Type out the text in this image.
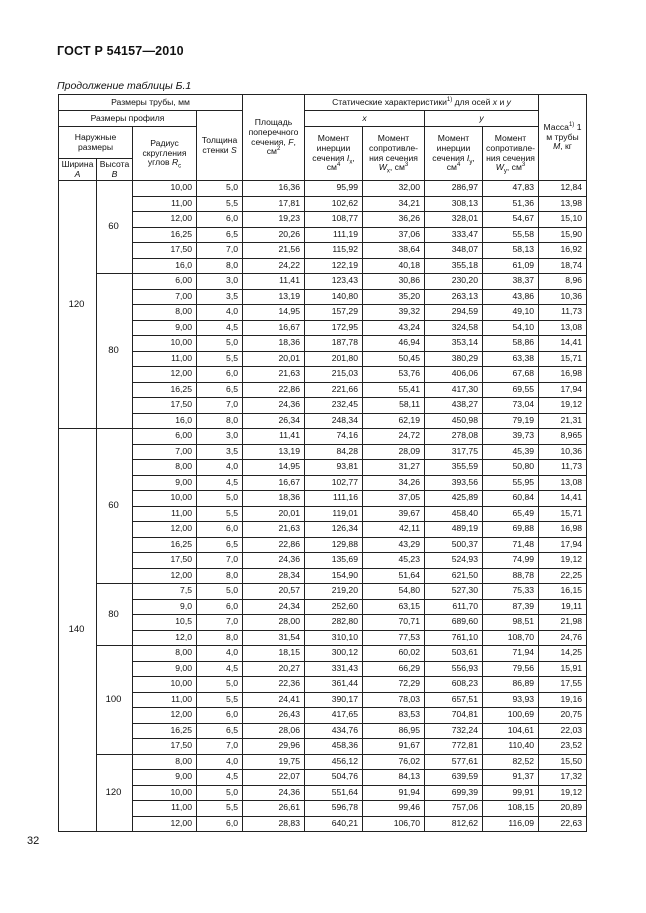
ГОСТ Р 54157—2010
Продолжение таблицы Б.1
Размеры трубы, мм				Площадь поперечного сечения, F, $см^2$	Статические характеристики$^{1)}$ для осей x и y				Масса$^{1)}$ 1 м трубы M, кг
Размеры профиля			Толщина стенки S		x		y		
Наружные размеры		Радиус скругления углов $R_c$			Момент инерции сечения $I_x$, $см^4$	Момент сопротивле-ния сечения $W_x$, $см^3$	Момент инерции сечения $I_y$, $см^4$	Момент сопротивле-ния сечения $W_y$, $см^3$
Ширина
A	Высота
B								
120	60	10,00	5,0	16,36	95,99	32,00	286,97	47,83	12,84
		11,00	5,5	17,81	102,62	34,21	308,13	51,36	13,98
		12,00	6,0	19,23	108,77	36,26	328,01	54,67	15,10
		16,25	6,5	20,26	111,19	37,06	333,47	55,58	15,90
		17,50	7,0	21,56	115,92	38,64	348,07	58,13	16,92
		16,0	8,0	24,22	122,19	40,18	355,18	61,09	18,74
	80	6,00	3,0	11,41	123,43	30,86	230,20	38,37	8,96
		7,00	3,5	13,19	140,80	35,20	263,13	43,86	10,36
		8,00	4,0	14,95	157,29	39,32	294,59	49,10	11,73
		9,00	4,5	16,67	172,95	43,24	324,58	54,10	13,08
		10,00	5,0	18,36	187,78	46,94	353,14	58,86	14,41
		11,00	5,5	20,01	201,80	50,45	380,29	63,38	15,71
		12,00	6,0	21,63	215,03	53,76	406,06	67,68	16,98
		16,25	6,5	22,86	221,66	55,41	417,30	69,55	17,94
		17,50	7,0	24,36	232,45	58,11	438,27	73,04	19,12
		16,0	8,0	26,34	248,34	62,19	450,98	79,19	21,31
140	60	6,00	3,0	11,41	74,16	24,72	278,08	39,73	8,965
		7,00	3,5	13,19	84,28	28,09	317,75	45,39	10,36
		8,00	4,0	14,95	93,81	31,27	355,59	50,80	11,73
		9,00	4,5	16,67	102,77	34,26	393,56	55,95	13,08
		10,00	5,0	18,36	111,16	37,05	425,89	60,84	14,41
		11,00	5,5	20,01	119,01	39,67	458,40	65,49	15,71
		12,00	6,0	21,63	126,34	42,11	489,19	69,88	16,98
		16,25	6,5	22,86	129,88	43,29	500,37	71,48	17,94
		17,50	7,0	24,36	135,69	45,23	524,93	74,99	19,12
		12,00	8,0	28,34	154,90	51,64	621,50	88,78	22,25
	80	7,5	5,0	20,57	219,20	54,80	527,30	75,33	16,15
		9,0	6,0	24,34	252,60	63,15	611,70	87,39	19,11
		10,5	7,0	28,00	282,80	70,71	689,60	98,51	21,98
		12,0	8,0	31,54	310,10	77,53	761,10	108,70	24,76
	100	8,00	4,0	18,15	300,12	60,02	503,61	71,94	14,25
		9,00	4,5	20,27	331,43	66,29	556,93	79,56	15,91
		10,00	5,0	22,36	361,44	72,29	608,23	86,89	17,55
		11,00	5,5	24,41	390,17	78,03	657,51	93,93	19,16
		12,00	6,0	26,43	417,65	83,53	704,81	100,69	20,75
		16,25	6,5	28,06	434,76	86,95	732,24	104,61	22,03
		17,50	7,0	29,96	458,36	91,67	772,81	110,40	23,52
	120	8,00	4,0	19,75	456,12	76,02	577,61	82,52	15,50
		9,00	4,5	22,07	504,76	84,13	639,59	91,37	17,32
		10,00	5,0	24,36	551,64	91,94	699,39	99,91	19,12
		11,00	5,5	26,61	596,78	99,46	757,06	108,15	20,89
		12,00	6,0	28,83	640,21	106,70	812,62	116,09	22,63
32
